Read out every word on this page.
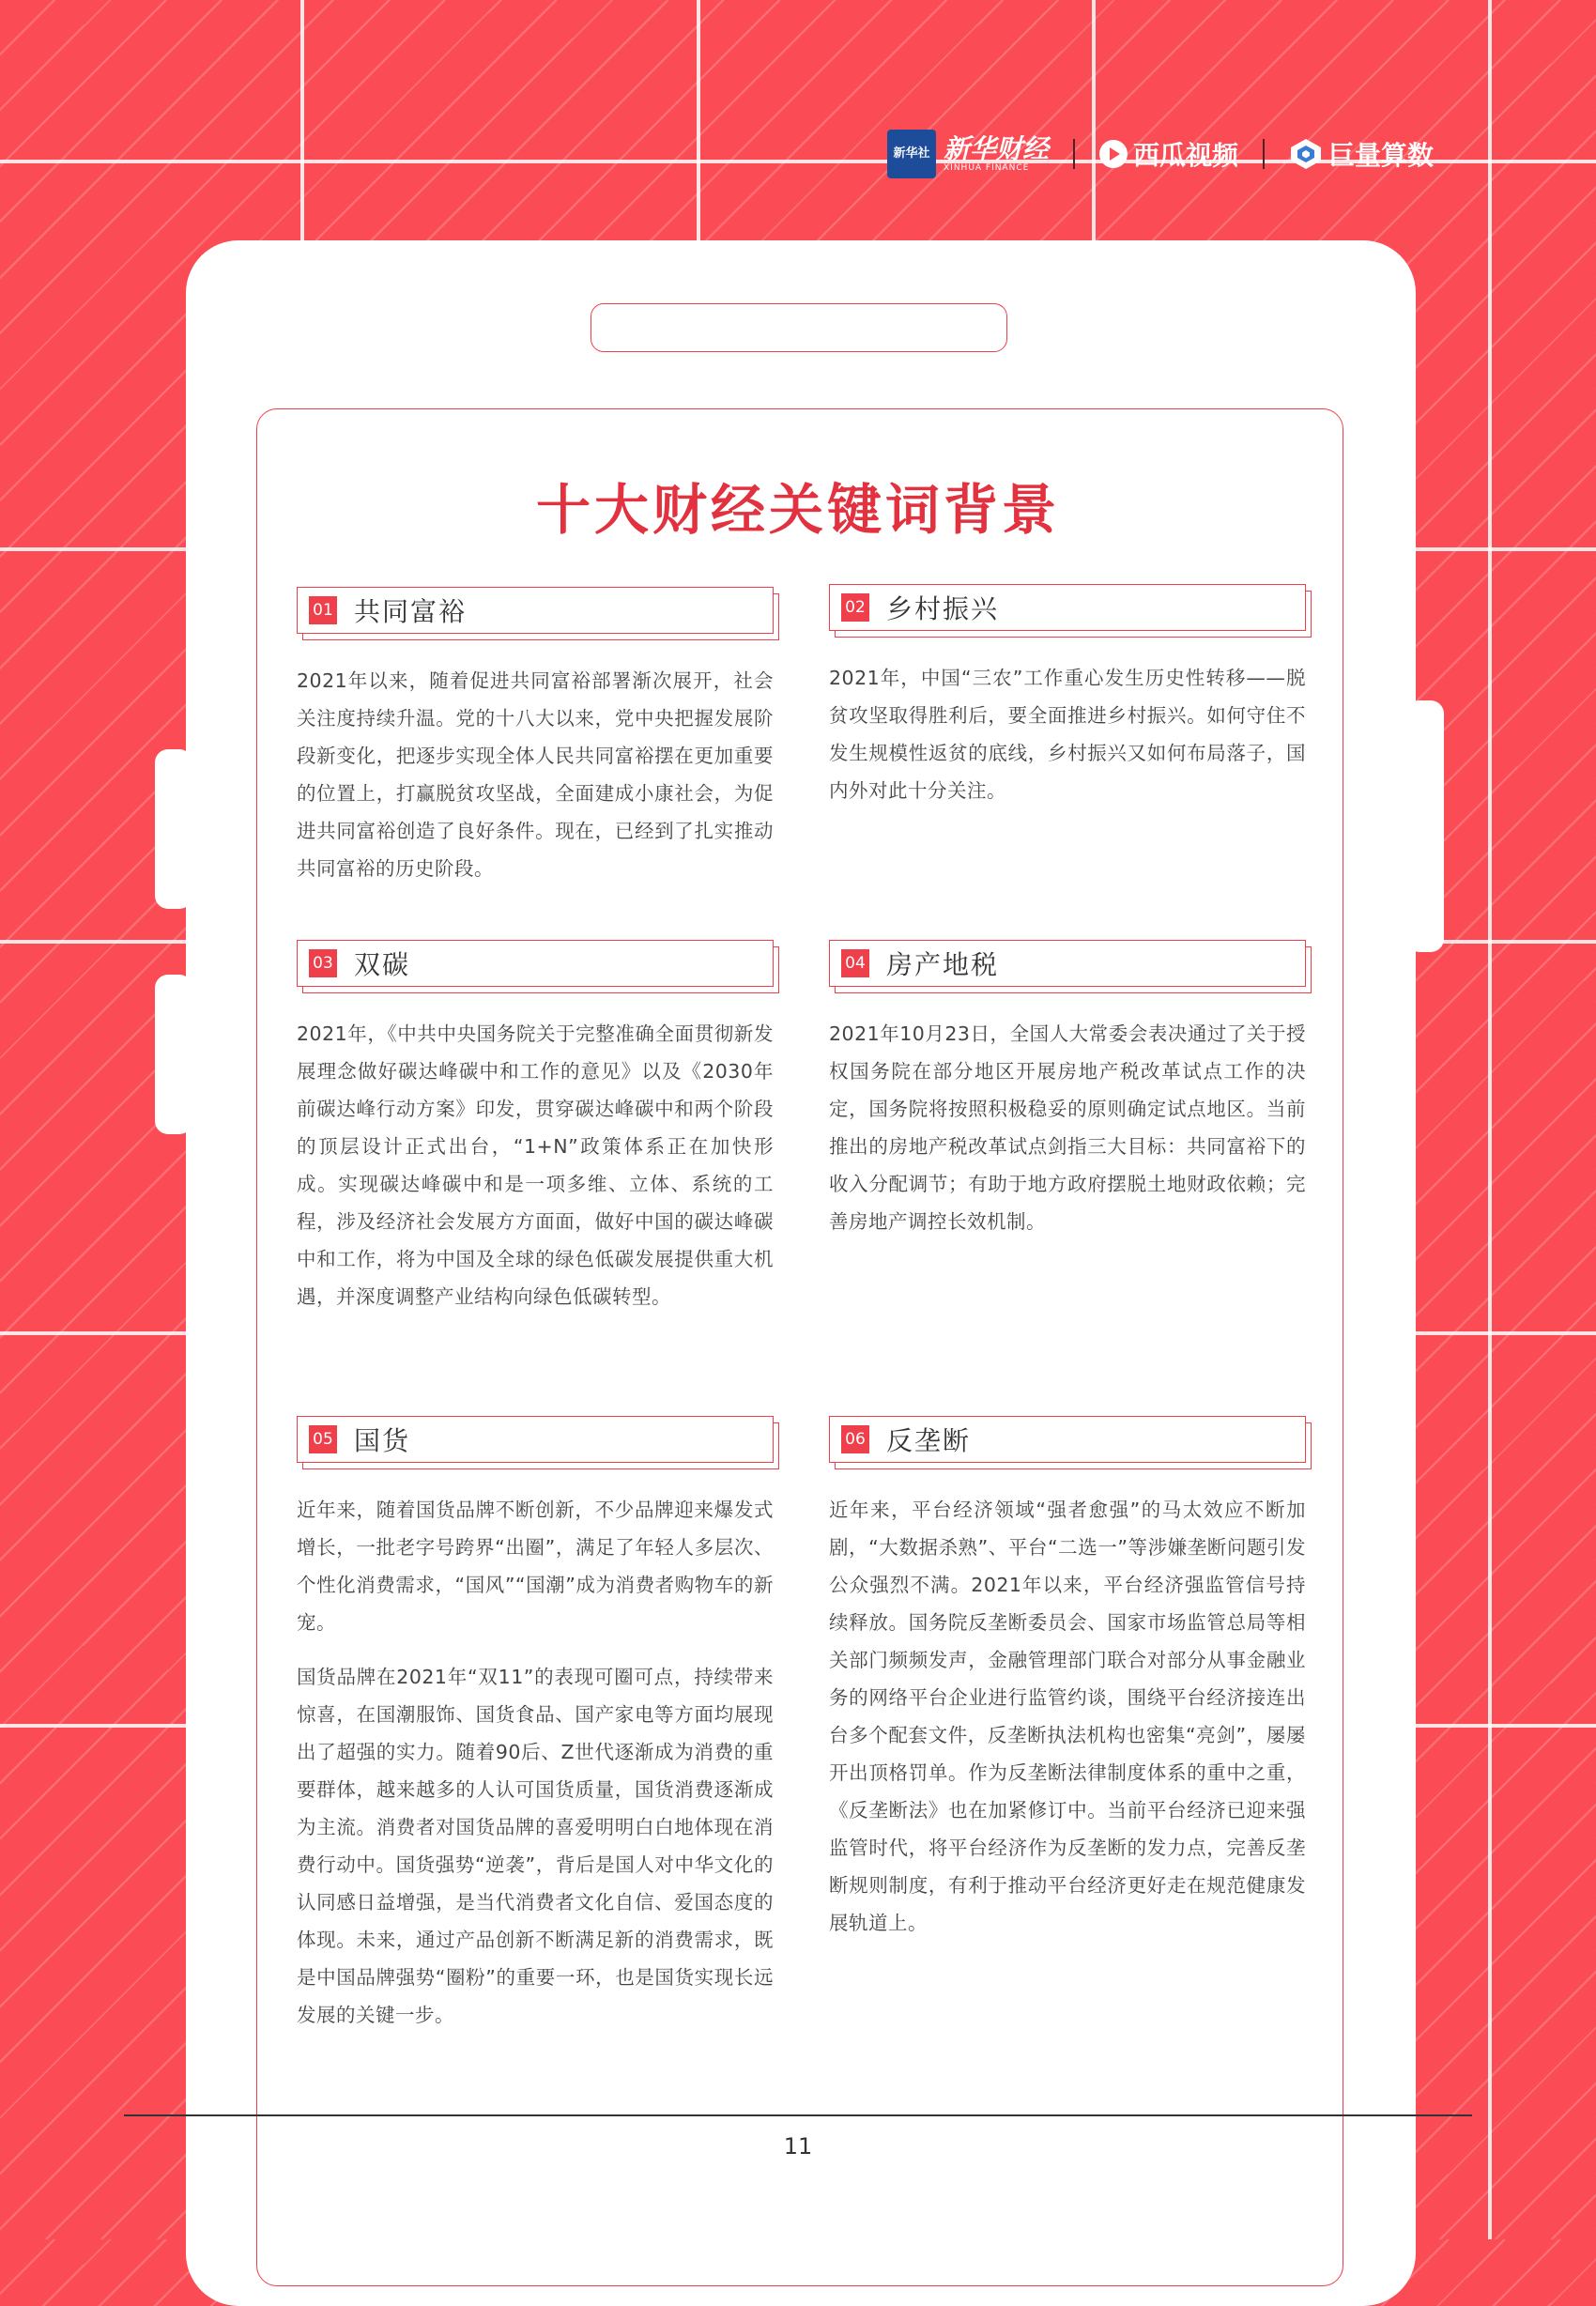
新华社 新华财经
XINHUA FINANCE	西瓜视频	巨量算数
十大财经关键词背景
01 共同富裕

2021年以来，随着促进共同富裕部署渐次展开，社会关注度持续升温。党的十八大以来，党中央把握发展阶段新变化，把逐步实现全体人民共同富裕摆在更加重要的位置上，打赢脱贫攻坚战，全面建成小康社会，为促进共同富裕创造了良好条件。现在，已经到了扎实推动共同富裕的历史阶段。

02 乡村振兴

2021年，中国“三农”工作重心发生历史性转移——脱贫攻坚取得胜利后，要全面推进乡村振兴。如何守住不发生规模性返贫的底线，乡村振兴又如何布局落子，国内外对此十分关注。

03 双碳

2021年，《中共中央国务院关于完整准确全面贯彻新发展理念做好碳达峰碳中和工作的意见》以及《2030年前碳达峰行动方案》印发，贯穿碳达峰碳中和两个阶段的顶层设计正式出台，“1+N”政策体系正在加快形成。实现碳达峰碳中和是一项多维、立体、系统的工程，涉及经济社会发展方方面面，做好中国的碳达峰碳中和工作，将为中国及全球的绿色低碳发展提供重大机遇，并深度调整产业结构向绿色低碳转型。

04 房产地税

2021年10月23日，全国人大常委会表决通过了关于授权国务院在部分地区开展房地产税改革试点工作的决定，国务院将按照积极稳妥的原则确定试点地区。当前推出的房地产税改革试点剑指三大目标：共同富裕下的收入分配调节；有助于地方政府摆脱土地财政依赖；完善房地产调控长效机制。

05 国货

近年来，随着国货品牌不断创新，不少品牌迎来爆发式增长，一批老字号跨界“出圈”，满足了年轻人多层次、个性化消费需求，“国风”“国潮”成为消费者购物车的新宠。

国货品牌在2021年“双11”的表现可圈可点，持续带来惊喜，在国潮服饰、国货食品、国产家电等方面均展现出了超强的实力。随着90后、Z世代逐渐成为消费的重要群体，越来越多的人认可国货质量，国货消费逐渐成为主流。消费者对国货品牌的喜爱明明白白地体现在消费行动中。国货强势“逆袭”，背后是国人对中华文化的认同感日益增强，是当代消费者文化自信、爱国态度的体现。未来，通过产品创新不断满足新的消费需求，既是中国品牌强势“圈粉”的重要一环，也是国货实现长远发展的关键一步。

06 反垄断

近年来，平台经济领域“强者愈强”的马太效应不断加剧，“大数据杀熟”、平台“二选一”等涉嫌垄断问题引发公众强烈不满。2021年以来，平台经济强监管信号持续释放。国务院反垄断委员会、国家市场监管总局等相关部门频频发声，金融管理部门联合对部分从事金融业务的网络平台企业进行监管约谈，围绕平台经济接连出台多个配套文件，反垄断执法机构也密集“亮剑”，屡屡开出顶格罚单。作为反垄断法律制度体系的重中之重，《反垄断法》也在加紧修订中。当前平台经济已迎来强监管时代，将平台经济作为反垄断的发力点，完善反垄断规则制度，有利于推动平台经济更好走在规范健康发展轨道上。

11
